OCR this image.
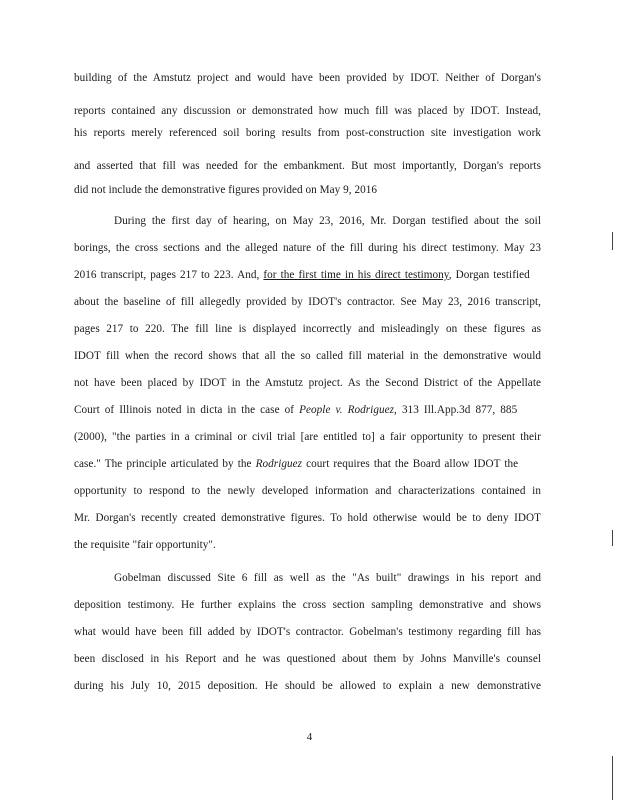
building of the Amstutz project and would have been provided by IDOT. Neither of Dorgan's
reports contained any discussion or demonstrated how much fill was placed by IDOT. Instead,
his reports merely referenced soil boring results from post-construction site investigation work
and asserted that fill was needed for the embankment. But most importantly, Dorgan's reports
did not include the demonstrative figures provided on May 9, 2016
During the first day of hearing, on May 23, 2016, Mr. Dorgan testified about the soil
borings, the cross sections and the alleged nature of the fill during his direct testimony. May 23
2016 transcript, pages 217 to 223. And, for the first time in his direct testimony, Dorgan testified
about the baseline of fill allegedly provided by IDOT's contractor. See May 23, 2016 transcript,
pages 217 to 220. The fill line is displayed incorrectly and misleadingly on these figures as
IDOT fill when the record shows that all the so called fill material in the demonstrative would
not have been placed by IDOT in the Amstutz project. As the Second District of the Appellate
Court of Illinois noted in dicta in the case of People v. Rodriguez, 313 Ill.App.3d 877, 885
(2000), "the parties in a criminal or civil trial [are entitled to] a fair opportunity to present their
case." The principle articulated by the Rodriguez court requires that the Board allow IDOT the
opportunity to respond to the newly developed information and characterizations contained in
Mr. Dorgan's recently created demonstrative figures. To hold otherwise would be to deny IDOT
the requisite "fair opportunity".
Gobelman discussed Site 6 fill as well as the "As built" drawings in his report and
deposition testimony. He further explains the cross section sampling demonstrative and shows
what would have been fill added by IDOT's contractor. Gobelman's testimony regarding fill has
been disclosed in his Report and he was questioned about them by Johns Manville's counsel
during his July 10, 2015 deposition. He should be allowed to explain a new demonstrative
4
